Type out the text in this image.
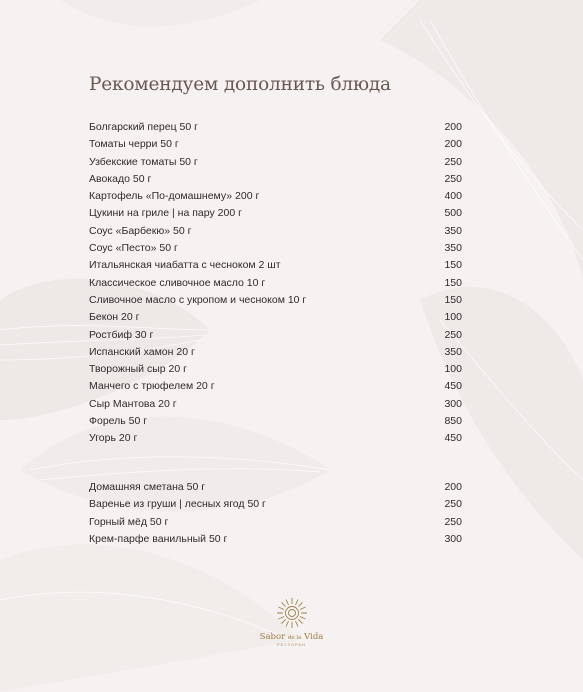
Рекомендуем дополнить блюда
Болгарский перец 50 г	200
Томаты черри 50 г	200
Узбекские томаты 50 г	250
Авокадо 50 г	250
Картофель «По-домашнему» 200 г	400
Цукини на гриле | на пару 200 г	500
Соус «Барбекю» 50 г	350
Соус «Песто» 50 г	350
Итальянская чиабатта с чесноком 2 шт	150
Классическое сливочное масло 10 г	150
Сливочное масло с укропом и чесноком 10 г	150
Бекон 20 г	100
Ростбиф 30 г	250
Испанский хамон 20 г	350
Творожный сыр 20 г	100
Манчего с трюфелем 20 г	450
Сыр Мантова 20 г	300
Форель 50 г	850
Угорь 20 г	450
Домашняя сметана 50 г	200
Варенье из груши | лесных ягод 50 г	250
Горный мёд 50 г	250
Крем-парфе ванильный 50 г	300
Sabor de la Vida
РЕСТОРАН
